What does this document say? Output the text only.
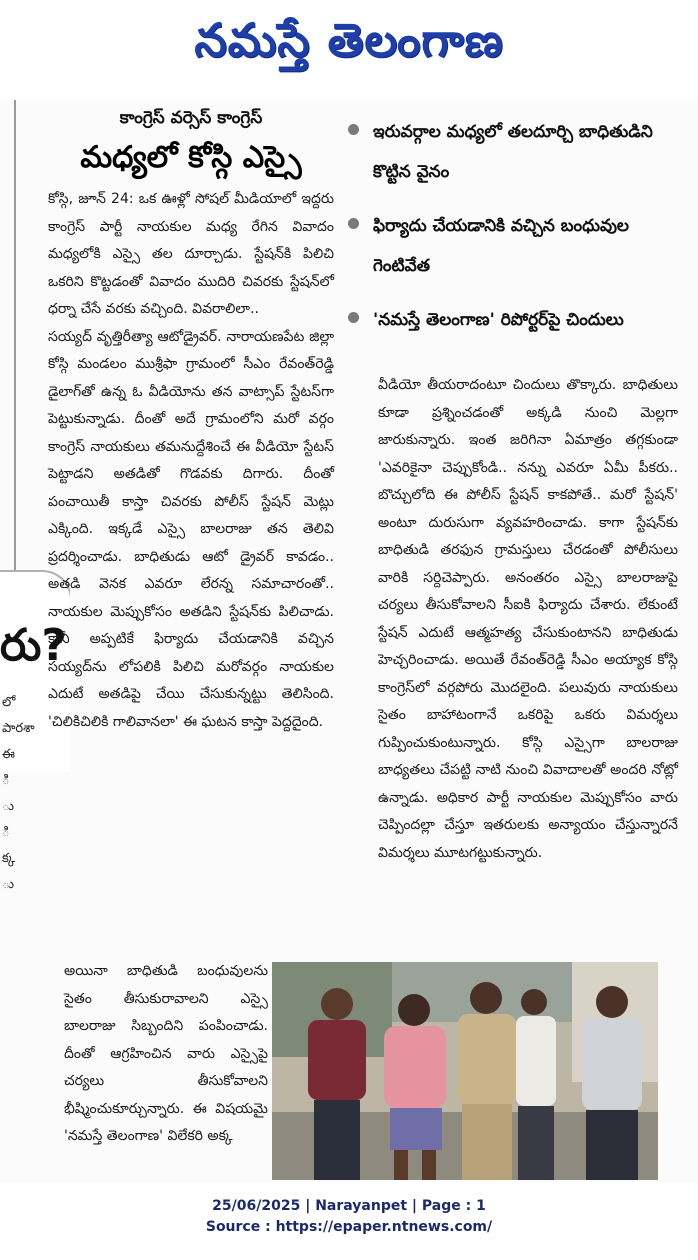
నమస్తే తెలంగాణ
రు?
లో
పారశా
ఈ
ి
ు
ి
క్క
ు
కాంగ్రెస్ వర్సెస్ కాంగ్రెస్
మధ్యలో కోస్గి ఎస్సై

కోస్గి, జూన్ 24: ఒక ఊళ్లో సోషల్ మీడియాలో ఇద్దరు కాంగ్రెస్ పార్టీ నాయకుల మధ్య రేగిన వివాదం మధ్యలోకి ఎస్సై తల దూర్చాడు. స్టేషన్‌కి పిలిచి ఒకరిని కొట్టడంతో వివాదం ముదిరి చివరకు స్టేషన్‌లో ధర్నా చేసే వరకు వచ్చింది. వివరాలిలా..

సయ్యద్ వృత్తిరీత్యా ఆటోడ్రైవర్. నారాయణపేట జిల్లా కోస్గి మండలం ముశ్రీఫా గ్రామంలో సీఎం రేవంత్‌రెడ్డి డైలాగ్‌తో ఉన్న ఓ వీడియోను తన వాట్సాప్ స్టేటస్‌గా పెట్టుకున్నాడు. దీంతో అదే గ్రామంలోని మరో వర్గం కాంగ్రెస్ నాయకులు తమనుద్దేశించే ఈ వీడియో స్టేటస్ పెట్టాడని అతడితో గొడవకు దిగారు. దీంతో పంచాయితీ కాస్తా చివరకు పోలీస్ స్టేషన్ మెట్లు ఎక్కింది. ఇక్కడే ఎస్సై బాలరాజు తన తెలివి ప్రదర్శించాడు. బాధితుడు ఆటో డ్రైవర్ కావడం.. అతడి వెనక ఎవరూ లేరన్న సమాచారంతో.. నాయకుల మెప్పుకోసం అతడిని స్టేషన్‌కు పిలిచాడు. కానీ అప్పటికే ఫిర్యాదు చేయడానికి వచ్చిన సయ్యద్‌ను లోపలికి పిలిచి మరోవర్గం నాయకుల ఎదుటే అతడిపై చేయి చేసుకున్నట్టు తెలిసింది. 'చిలికిచిలికి గాలివానలా' ఈ ఘటన కాస్తా పెద్దదైంది.

ఇరువర్గాల మధ్యలో తలదూర్చి బాధితుడిని కొట్టిన వైనం
ఫిర్యాదు చేయడానికి వచ్చిన బంధువుల గెంటివేత
'నమస్తే తెలంగాణ' రిపోర్టర్‌పై చిందులు

వీడియో తీయరాదంటూ చిందులు తొక్కారు. బాధితులు కూడా ప్రశ్నించడంతో అక్కడి నుంచి మెల్లగా జారుకున్నారు. ఇంత జరిగినా ఏమాత్రం తగ్గకుండా 'ఎవరికైనా చెప్పుకోండి.. నన్ను ఎవరూ ఏమీ పీకరు.. బొచ్చులోది ఈ పోలీస్ స్టేషన్ కాకపోతే.. మరో స్టేషన్' అంటూ దురుసుగా వ్యవహరించాడు. కాగా స్టేషన్‌కు బాధితుడి తరఫున గ్రామస్తులు చేరడంతో పోలీసులు వారికి సర్దిచెప్పారు. అనంతరం ఎస్సై బాలరాజుపై చర్యలు తీసుకోవాలని సీఐకి ఫిర్యాదు చేశారు. లేకుంటే స్టేషన్ ఎదుటే ఆత్మహత్య చేసుకుంటానని బాధితుడు హెచ్చరించాడు. అయితే రేవంత్‌రెడ్డి సీఎం అయ్యాక కోస్గి కాంగ్రెస్‌లో వర్గపోరు మొదలైంది. పలువురు నాయకులు సైతం బాహాటంగానే ఒకరిపై ఒకరు విమర్శలు గుప్పించుకుంటున్నారు. కోస్గి ఎస్సైగా బాలరాజు బాధ్యతలు చేపట్టి నాటి నుంచి వివాదాలతో అందరి నోట్లో ఉన్నాడు. అధికార పార్టీ నాయకుల మెప్పుకోసం వారు చెప్పిందల్లా చేస్తూ ఇతరులకు అన్యాయం చేస్తున్నారనే విమర్శలు మూటగట్టుకున్నారు.

అయినా బాధితుడి బంధువులను సైతం తీసుకురావాలని ఎస్సై బాలరాజు సిబ్బందిని పంపించాడు. దీంతో ఆగ్రహించిన వారు ఎస్సైపై చర్యలు తీసుకోవాలని భీష్మించుకూర్చున్నారు. ఈ విషయమై 'నమస్తే తెలంగాణ' విలేకరి అక్క

25/06/2025 | Narayanpet | Page : 1
Source : https://epaper.ntnews.com/
